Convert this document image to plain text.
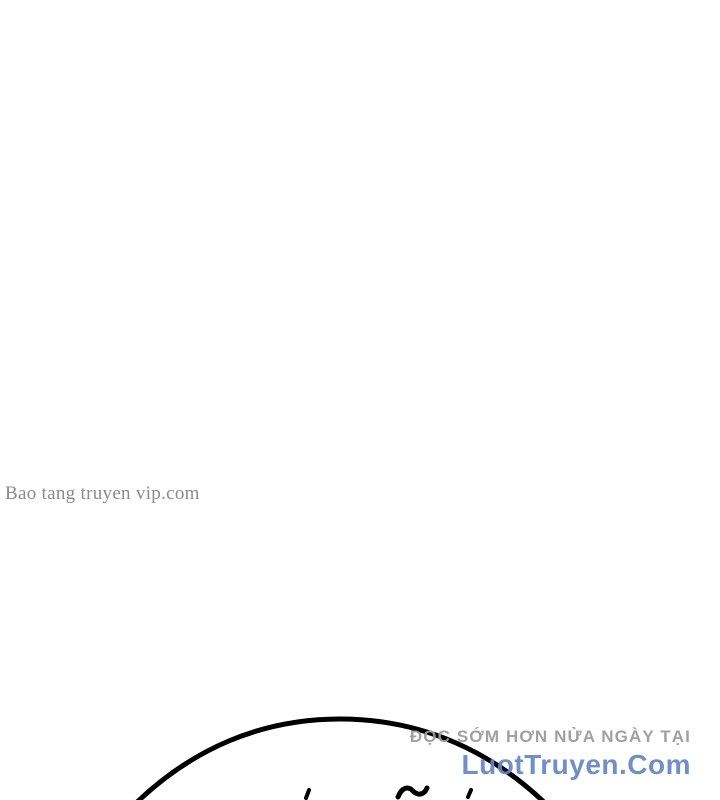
Bao tang truyen vip.com
ĐỌC SỚM HƠN NỬA NGÀY TẠI
LuotTruyen.Com
